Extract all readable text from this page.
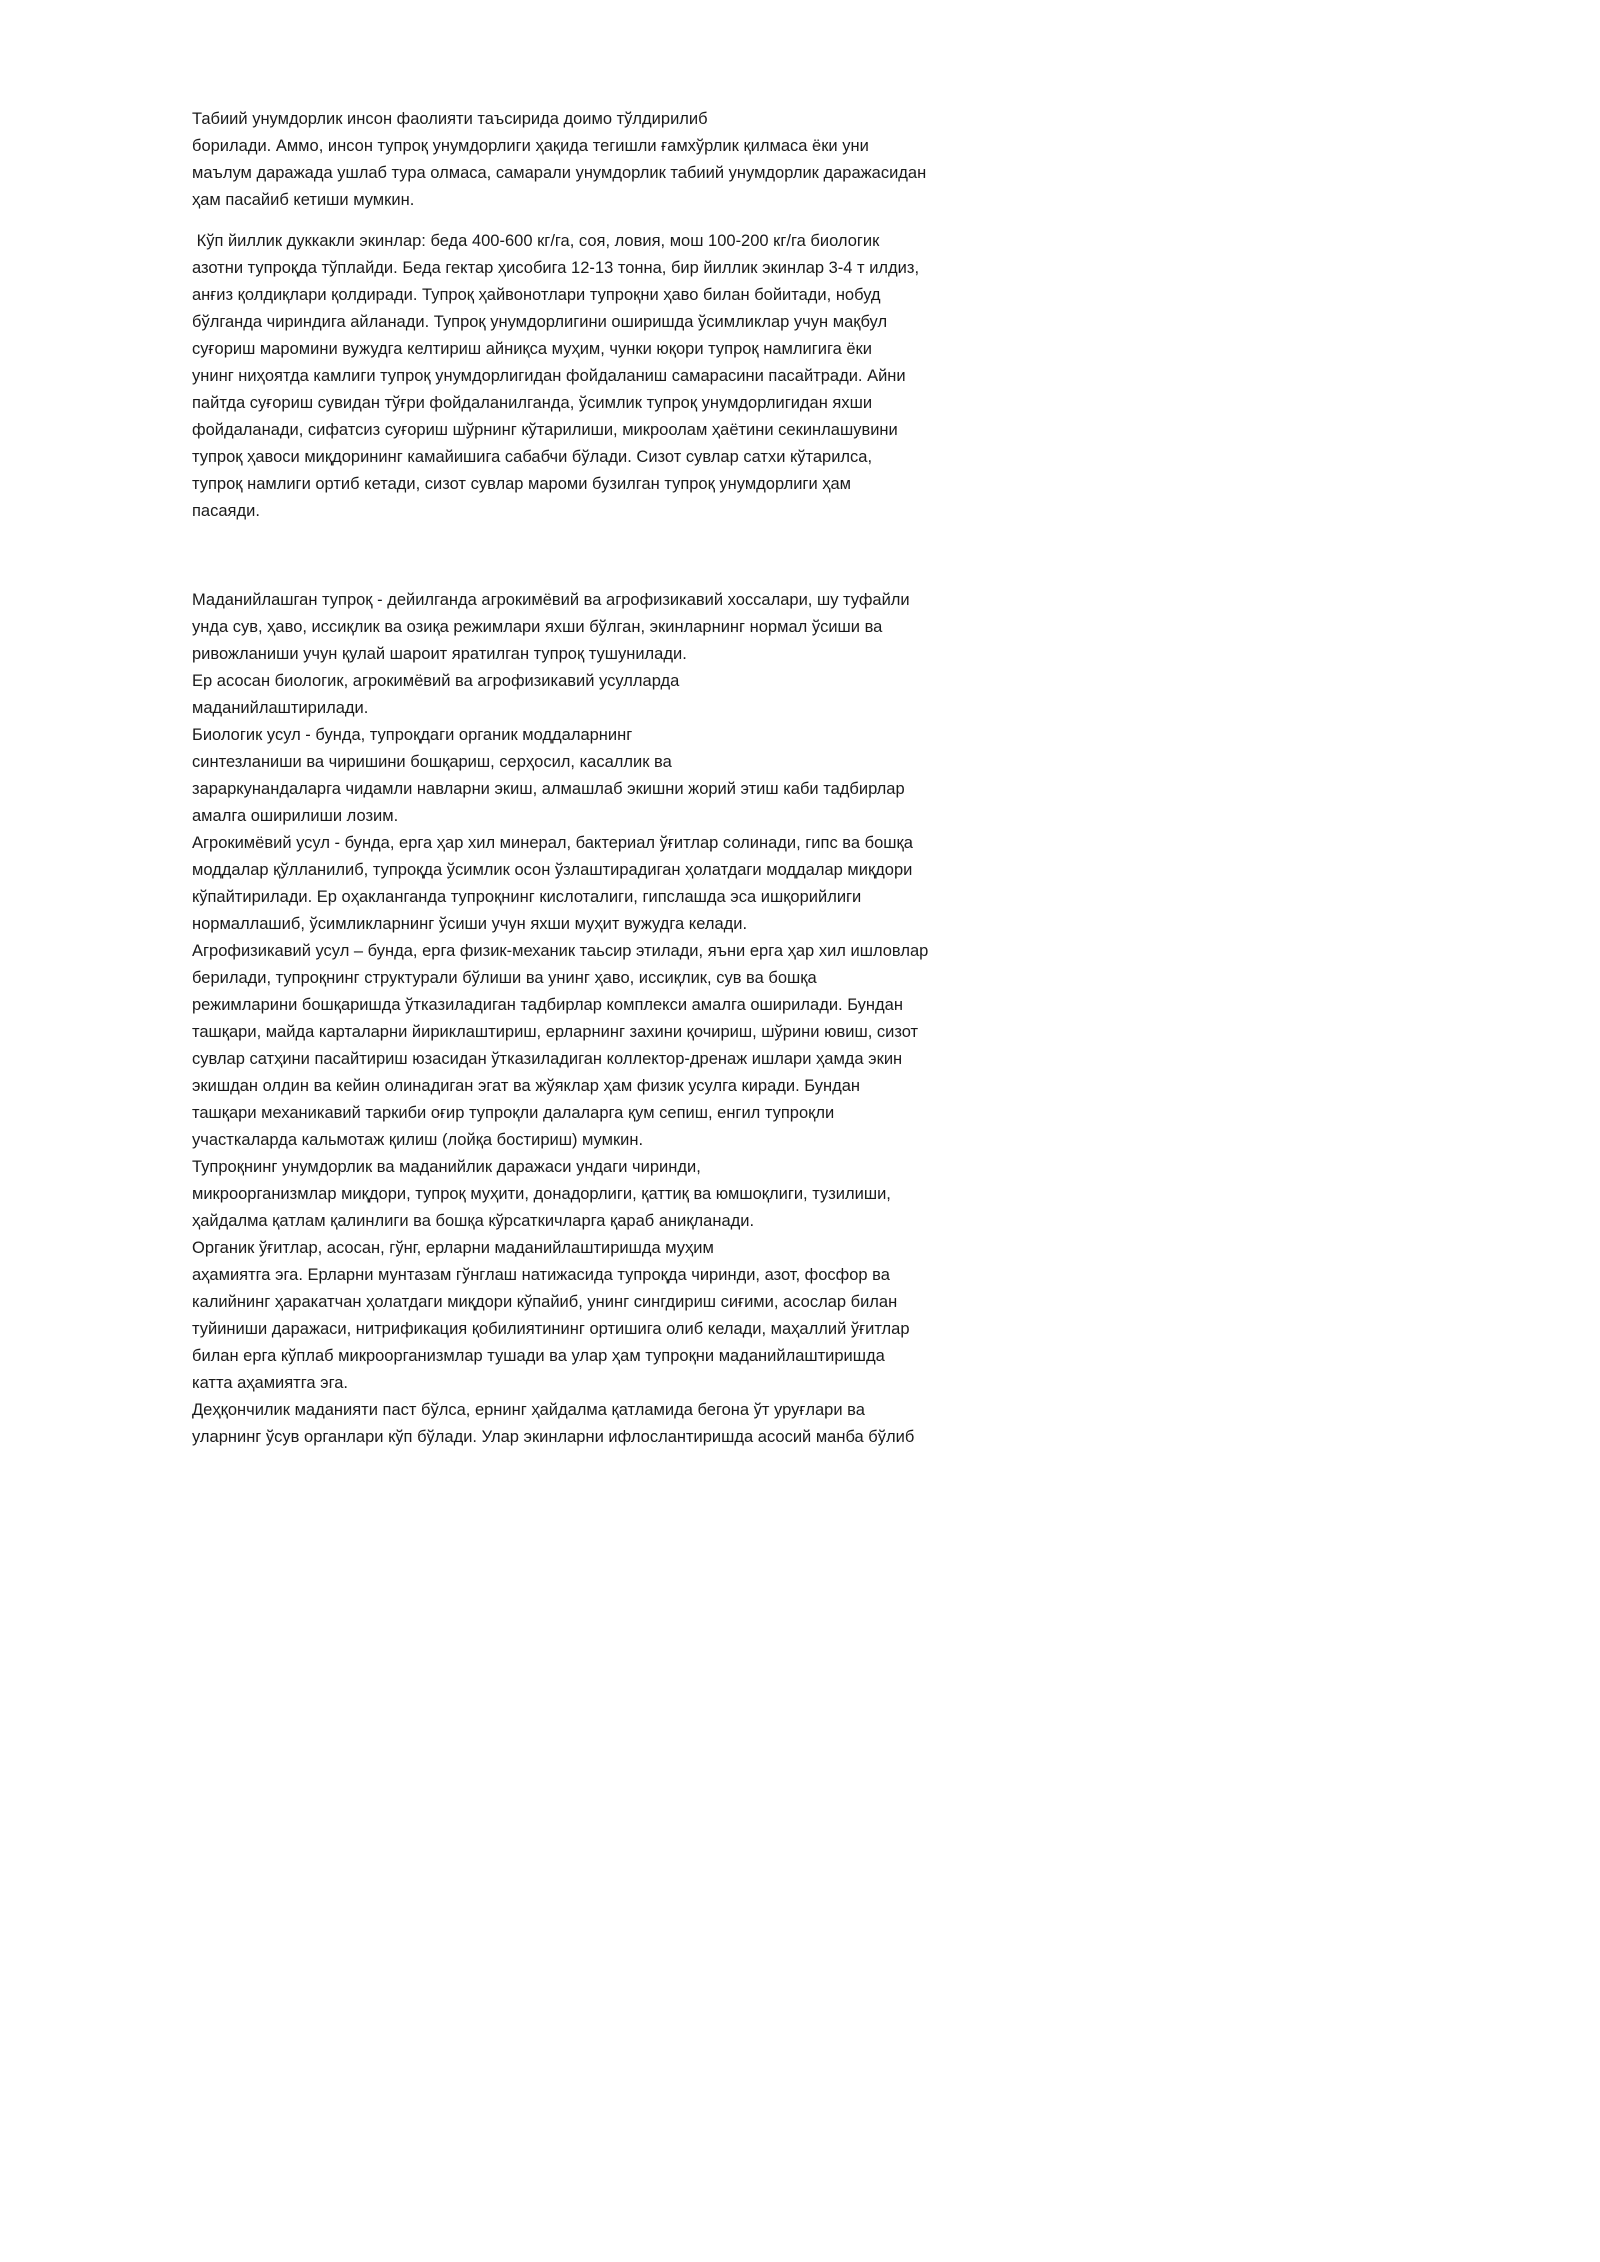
Табиий унумдорлик инсон фаолияти таъсирида доимо тўлдирилиб
борилади. Аммо, инсон тупроқ унумдорлиги ҳақида тегишли ғамхўрлик қилмаса ёки уни
маълум даражада ушлаб тура олмаса, самарали унумдорлик табиий унумдорлик даражасидан
ҳам пасайиб кетиши мумкин.
Кўп йиллик дуккакли экинлар: беда 400-600 кг/га, соя, ловия, мош 100-200 кг/га биологик
азотни тупроқда тўплайди. Беда гектар ҳисобига 12-13 тонна, бир йиллик экинлар 3-4 т илдиз,
анғиз қолдиқлари қолдиради. Тупроқ ҳайвонотлари тупроқни ҳаво билан бойитади, нобуд
бўлганда чириндига айланади. Тупроқ унумдорлигини оширишда ўсимликлар учун мақбул
суғориш маромини вужудга келтириш айниқса муҳим, чунки юқори тупроқ намлигига ёки
унинг ниҳоятда камлиги тупроқ унумдорлигидан фойдаланиш самарасини пасайтради. Айни
пайтда суғориш сувидан тўғри фойдаланилганда, ўсимлик тупроқ унумдорлигидан яхши
фойдаланади, сифатсиз суғориш шўрнинг кўтарилиши, микроолам ҳаётини секинлашувини
тупроқ ҳавоси миқдорининг камайишига сабабчи бўлади. Сизот сувлар сатхи кўтарилса,
тупроқ намлиги ортиб кетади, сизот сувлар мароми бузилган тупроқ унумдорлиги ҳам
пасаяди.
Маданийлашган тупроқ - дейилганда агрокимёвий ва агрофизикавий хоссалари, шу туфайли
унда сув, ҳаво, иссиқлик ва озиқа режимлари яхши бўлган, экинларнинг нормал ўсиши ва
ривожланиши учун қулай шароит яратилган тупроқ тушунилади.
Ер асосан биологик, агрокимёвий ва агрофизикавий усулларда
маданийлаштирилади.
Биологик усул - бунда, тупроқдаги органик моддаларнинг
синтезланиши ва чиришини бошқариш, серҳосил, касаллик ва
зараркунандаларга чидамли навларни экиш, алмашлаб экишни жорий этиш каби тадбирлар
амалга оширилиши лозим.
Агрокимёвий усул - бунда, ерга ҳар хил минерал, бактериал ўғитлар солинади, гипс ва бошқа
моддалар қўлланилиб, тупроқда ўсимлик осон ўзлаштирадиган ҳолатдаги моддалар миқдори
кўпайтирилади. Ер оҳакланганда тупроқнинг кислоталиги, гипслашда эса ишқорийлиги
нормаллашиб, ўсимликларнинг ўсиши учун яхши муҳит вужудга келади.
Агрофизикавий усул – бунда, ерга физик-механик таьсир этилади, яъни ерга ҳар хил ишловлар
берилади, тупроқнинг структурали бўлиши ва унинг ҳаво, иссиқлик, сув ва бошқа
режимларини бошқаришда ўтказиладиган тадбирлар комплекси амалга оширилади. Бундан
ташқари, майда карталарни йириклаштириш, ерларнинг захини қочириш, шўрини ювиш, сизот
сувлар сатҳини пасайтириш юзасидан ўтказиладиган коллектор-дренаж ишлари ҳамда экин
экишдан олдин ва кейин олинадиган эгат ва жўяклар ҳам физик усулга киради. Бундан
ташқари механикавий таркиби оғир тупроқли далаларга қум сепиш, енгил тупроқли
участкаларда кальмотаж қилиш (лойқа бостириш) мумкин.
Тупроқнинг унумдорлик ва маданийлик даражаси ундаги чиринди,
микроорганизмлар миқдори, тупроқ муҳити, донадорлиги, қаттиқ ва юмшоқлиги, тузилиши,
ҳайдалма қатлам қалинлиги ва бошқа кўрсаткичларга қараб аниқланади.
Органик ўғитлар, асосан, гўнг, ерларни маданийлаштиришда муҳим
аҳамиятга эга. Ерларни мунтазам гўнглаш натижасида тупроқда чиринди, азот, фосфор ва
калийнинг ҳаракатчан ҳолатдаги миқдори кўпайиб, унинг сингдириш сиғими, асослар билан
туйиниши даражаси, нитрификация қобилиятининг ортишига олиб келади, маҳаллий ўғитлар
билан ерга кўплаб микроорганизмлар тушади ва улар ҳам тупроқни маданийлаштиришда
катта аҳамиятга эга.
Деҳқончилик маданияти паст бўлса, ернинг ҳайдалма қатламида бегона ўт уруғлари ва
уларнинг ўсув органлари кўп бўлади. Улар экинларни ифлослантиришда асосий манба бўлиб
